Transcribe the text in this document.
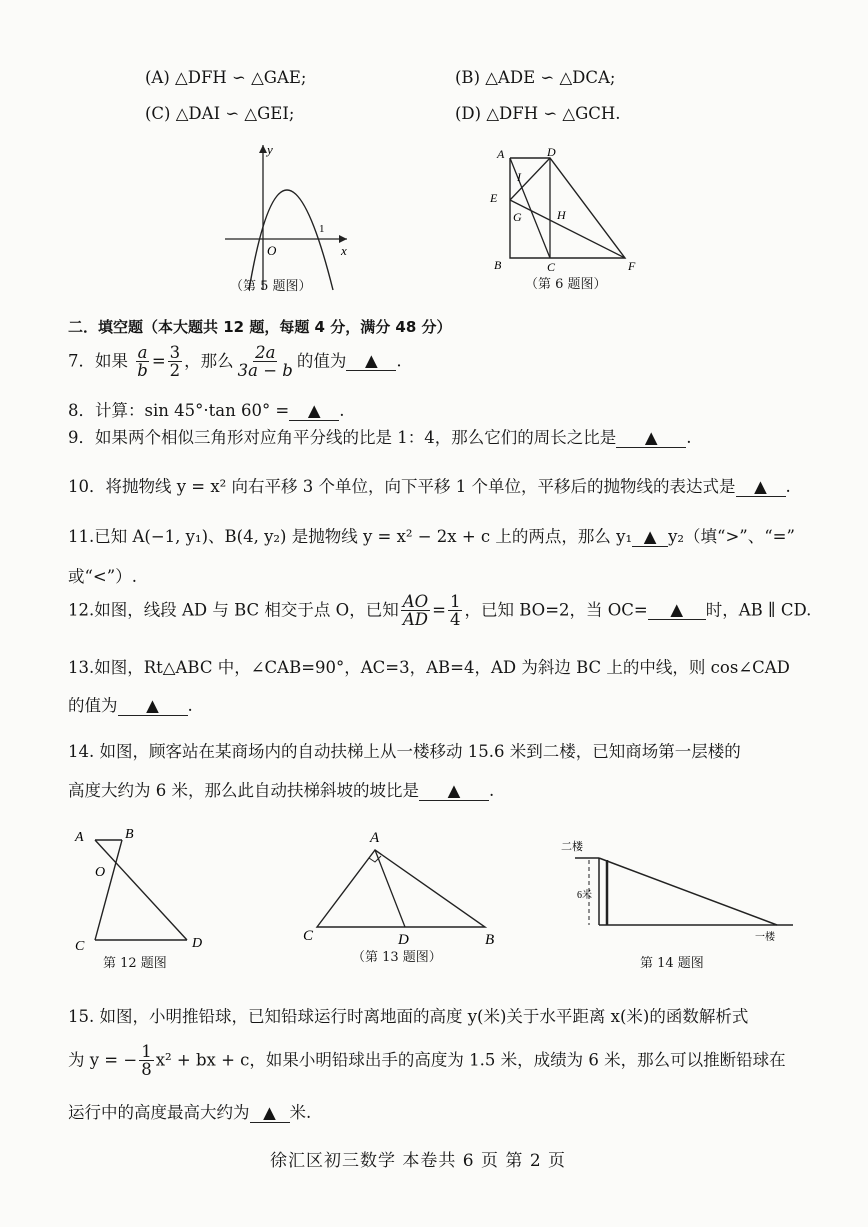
(A) △DFH ∽ △GAE;	(B) △ADE ∽ △DCA;
(C) △DAI ∽ △GEI;	(D) △DFH ∽ △GCH.
y
x
O
1
（第 5 题图）
A	D
I
E
G	H
B	C	F
（第 6 题图）
二．填空题（本大题共 12 题，每题 4 分，满分 48 分）
7．如果 $\frac{a}{b} = \frac{3}{2}$ ，那么 $\frac{2a}{3a - b}$ 的值为 ▲ .
8．计算：sin 45°·tan 60° = ▲ .
9．如果两个相似三角形对应角平分线的比是 1：4，那么它们的周长之比是 ▲ .
10．将抛物线 y = x² 向右平移 3 个单位，向下平移 1 个单位，平移后的抛物线的表达式是 ▲ .
11.已知 A(−1, y₁)、B(4, y₂) 是抛物线 y = x² − 2x + c 上的两点，那么 y₁ ▲ y₂（填“>”、“=”
或“<”）.
12.如图，线段 AD 与 BC 相交于点 O，已知 $\frac{AO}{AD} = \frac{1}{4}$ ，已知 BO=2，当 OC= ▲ 时，AB ∥ CD.
13.如图，Rt△ABC 中，∠CAB=90°，AC=3，AB=4，AD 为斜边 BC 上的中线，则 cos∠CAD
的值为 ▲ .
14. 如图，顾客站在某商场内的自动扶梯上从一楼移动 15.6 米到二楼，已知商场第一层楼的
高度大约为 6 米，那么此自动扶梯斜坡的坡比是 ▲ .
A	B
O
C	D
第 12 题图
A
C	D	B
（第 13 题图）
二楼
6米
一楼
第 14 题图
15. 如图，小明推铅球，已知铅球运行时离地面的高度 y(米)关于水平距离 x(米)的函数解析式
为 y = − $\frac{1}{8} x^2$ + bx + c，如果小明铅球出手的高度为 1.5 米，成绩为 6 米，那么可以推断铅球在
运行中的高度最高大约为 ▲ 米.
徐汇区初三数学 本卷共 6 页 第 2 页
